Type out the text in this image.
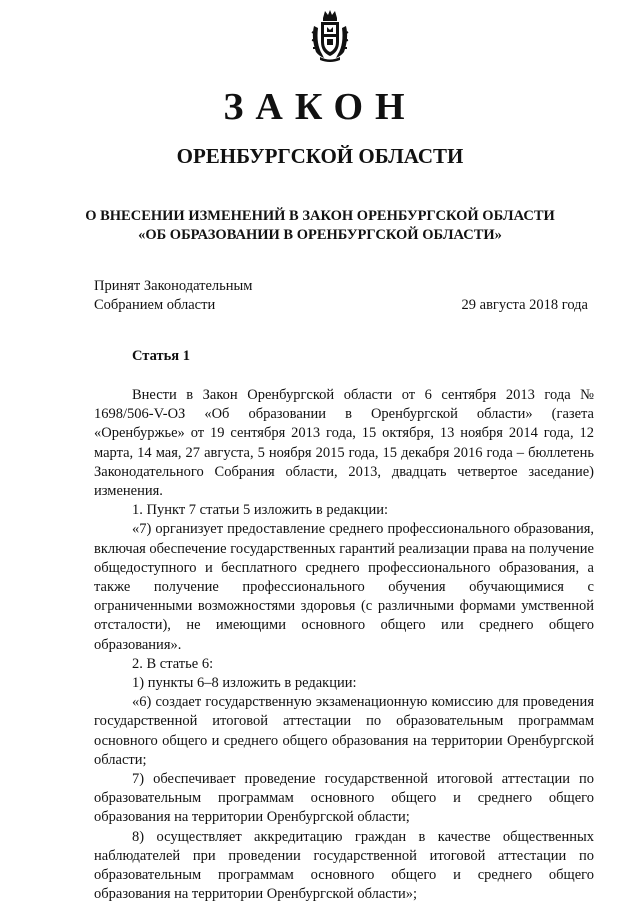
ЗАКОН
ОРЕНБУРГСКОЙ ОБЛАСТИ
О ВНЕСЕНИИ ИЗМЕНЕНИЙ В ЗАКОН ОРЕНБУРГСКОЙ ОБЛАСТИ
«ОБ ОБРАЗОВАНИИ В ОРЕНБУРГСКОЙ ОБЛАСТИ»
Принят Законодательным
Собранием области	29 августа 2018 года
Статья 1

Внести в Закон Оренбургской области от 6 сентября 2013 года № 1698/506-V-ОЗ «Об образовании в Оренбургской области» (газета «Оренбуржье» от 19 сентября 2013 года, 15 октября, 13 ноября 2014 года, 12 марта, 14 мая, 27 августа, 5 ноября 2015 года, 15 декабря 2016 года – бюллетень Законодательного Собрания области, 2013, двадцать четвертое заседание) изменения.

1. Пункт 7 статьи 5 изложить в редакции:

«7) организует предоставление среднего профессионального образования, включая обеспечение государственных гарантий реализации права на получение общедоступного и бесплатного среднего профессионального образования, а также получение профессионального обучения обучающимися с ограниченными возможностями здоровья (с различными формами умственной отсталости), не имеющими основного общего или среднего общего образования».

2. В статье 6:

1) пункты 6–8 изложить в редакции:

«6) создает государственную экзаменационную комиссию для проведения государственной итоговой аттестации по образовательным программам основного общего и среднего общего образования на территории Оренбургской области;

7) обеспечивает проведение государственной итоговой аттестации по образовательным программам основного общего и среднего общего образования на территории Оренбургской области;

8) осуществляет аккредитацию граждан в качестве общественных наблюдателей при проведении государственной итоговой аттестации по образовательным программам основного общего и среднего общего образования на территории Оренбургской области»;
